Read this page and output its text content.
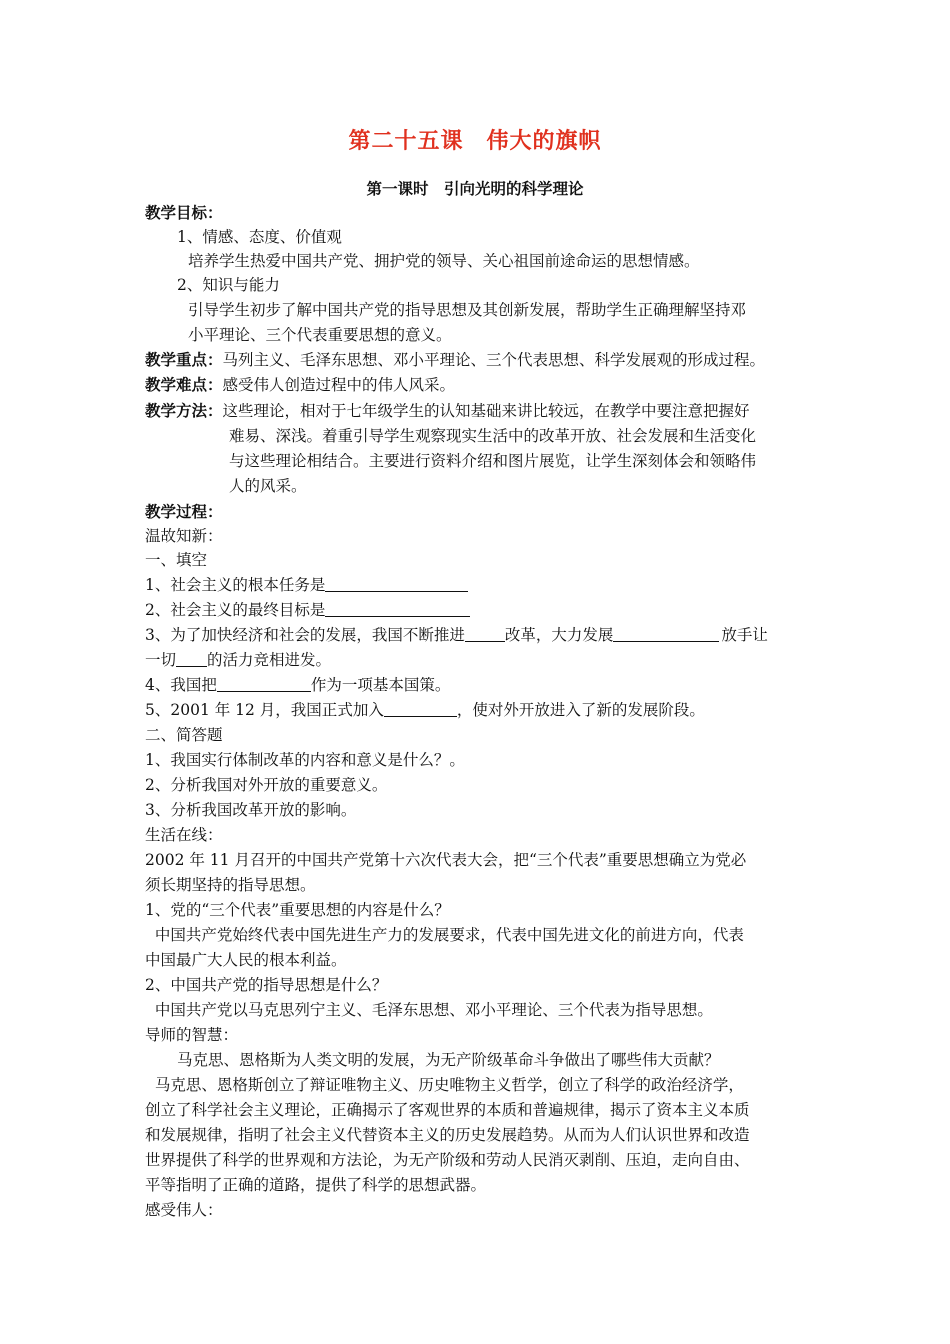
第二十五课　伟大的旗帜
第一课时　引向光明的科学理论
教学目标：
1、情感、态度、价值观
培养学生热爱中国共产党、拥护党的领导、关心祖国前途命运的思想情感。
2、知识与能力
引导学生初步了解中国共产党的指导思想及其创新发展，帮助学生正确理解坚持邓
小平理论、三个代表重要思想的意义。
教学重点：马列主义、毛泽东思想、邓小平理论、三个代表思想、科学发展观的形成过程。
教学难点：感受伟人创造过程中的伟人风采。
教学方法：这些理论，相对于七年级学生的认知基础来讲比较远，在教学中要注意把握好
难易、深浅。着重引导学生观察现实生活中的改革开放、社会发展和生活变化
与这些理论相结合。主要进行资料介绍和图片展览，让学生深刻体会和领略伟
人的风采。
教学过程：
温故知新：
一、填空
1、社会主义的根本任务是
2、社会主义的最终目标是
3、为了加快经济和社会的发展，我国不断推进	改革，大力发展	放手让
一切 的活力竞相进发。
4、我国把	作为一项基本国策。
5、2001 年 12 月，我国正式加入	，使对外开放进入了新的发展阶段。
二、简答题
1、我国实行体制改革的内容和意义是什么？。
2、分析我国对外开放的重要意义。
3、分析我国改革开放的影响。
生活在线：
2002 年 11 月召开的中国共产党第十六次代表大会，把“三个代表”重要思想确立为党必
须长期坚持的指导思想。
1、党的“三个代表”重要思想的内容是什么？
中国共产党始终代表中国先进生产力的发展要求，代表中国先进文化的前进方向，代表
中国最广大人民的根本利益。
2、中国共产党的指导思想是什么？
中国共产党以马克思列宁主义、毛泽东思想、邓小平理论、三个代表为指导思想。
导师的智慧：
马克思、恩格斯为人类文明的发展，为无产阶级革命斗争做出了哪些伟大贡献？
马克思、恩格斯创立了辩证唯物主义、历史唯物主义哲学，创立了科学的政治经济学，
创立了科学社会主义理论，正确揭示了客观世界的本质和普遍规律，揭示了资本主义本质
和发展规律，指明了社会主义代替资本主义的历史发展趋势。从而为人们认识世界和改造
世界提供了科学的世界观和方法论，为无产阶级和劳动人民消灭剥削、压迫，走向自由、
平等指明了正确的道路，提供了科学的思想武器。
感受伟人：
